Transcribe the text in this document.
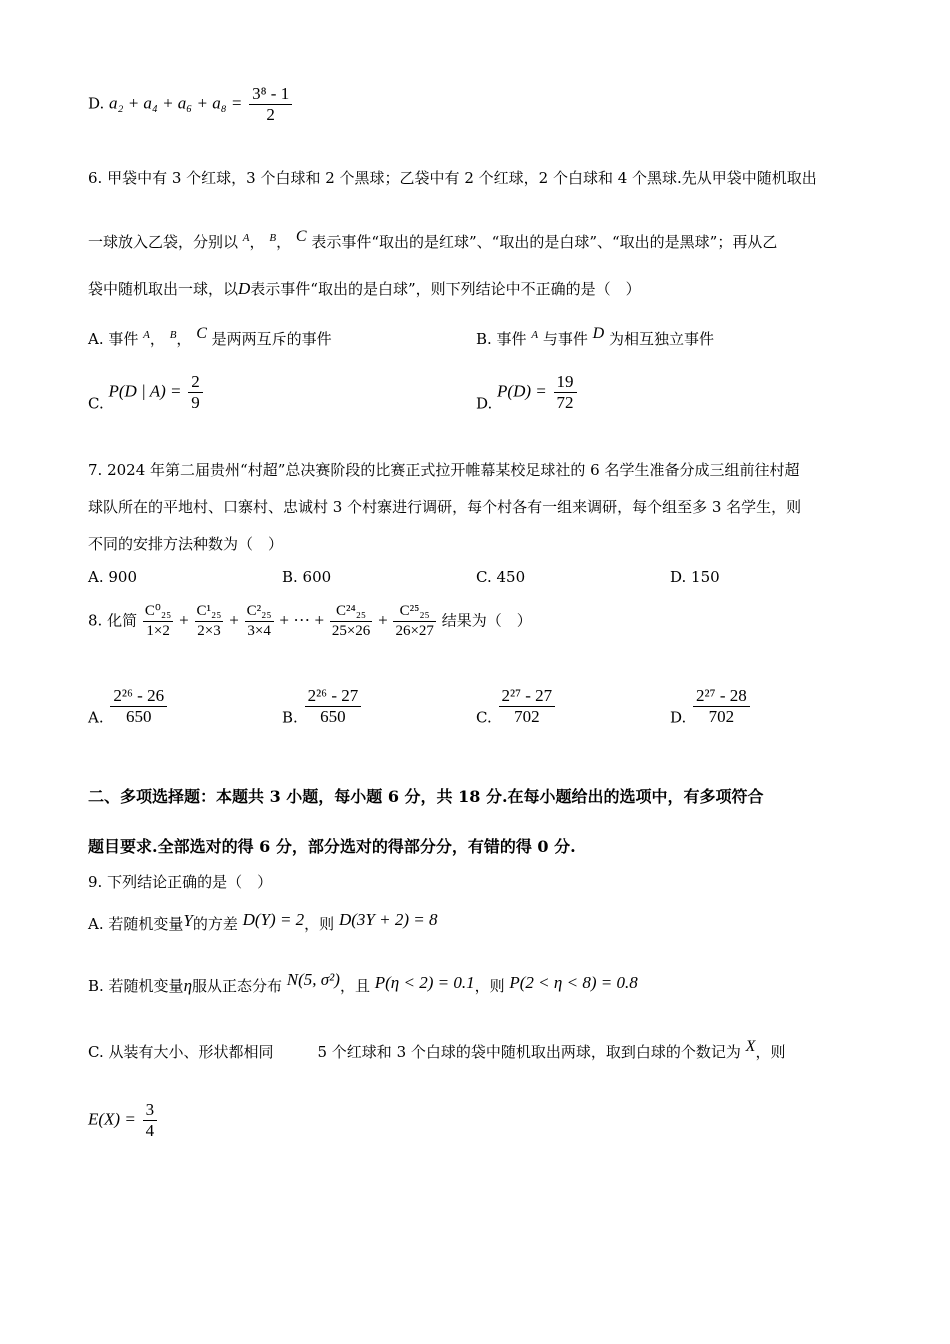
D. $a_2 + a_4 + a_6 + a_8 = \frac{\text{3⁸ - 1}}{2}$
6. 甲袋中有 3 个红球，3 个白球和 2 个黑球；乙袋中有 2 个红球，2 个白球和 4 个黑球.先从甲袋中随机取出
一球放入乙袋，分别以 $^A$， $^B$， C 表示事件“取出的是红球”、“取出的是白球”、“取出的是黑球”；再从乙
袋中随机取出一球，以D表示事件“取出的是白球”，则下列结论中不正确的是（　）
A. 事件 $^A$， $^B$， C 是两两互斥的事件	B. 事件 $^A$ 与事件 D 为相互独立事件
C. P(D | $A) = \frac{2}{9}$	D. $P(D) = \frac{19}{72}$
7. 2024 年第二届贵州“村超”总决赛阶段的比赛正式拉开帷幕某校足球社的 6 名学生准备分成三组前往村超
球队所在的平地村、口寨村、忠诚村 3 个村寨进行调研，每个村各有一组来调研，每个组至多 3 名学生，则
不同的安排方法种数为（　）
A. 900	B. 600	C. 450	D. 150
8. 化简 $\frac{\text{C⁰₂₅}}{1\times 2} + \frac{\text{C¹₂₅}}{2\times 3} + \frac{\text{C²₂₅}}{3\times 4}$ + ··· + $\frac{\text{C²⁴₂₅}}{25\times 26} + \frac{\text{C²⁵₂₅}}{26\times 27}$ 结果为（　）
A. $\frac{\text{2²⁶ - 26}}{650}$	B. $\frac{\text{2²⁶ - 27}}{650}$	C. $\frac{\text{2²⁷ - 27}}{702}$	D. $\frac{\text{2²⁷ - 28}}{702}$
二、多项选择题：本题共 3 小题，每小题 6 分，共 18 分.在每小题给出的选项中，有多项符合
题目要求.全部选对的得 6 分，部分选对的得部分分，有错的得 0 分.
9. 下列结论正确的是（　）
A. 若随机变量Y的方差 D(Y) = 2，则 D(3Y + 2) = 8
B. 若随机变量η服从正态分布 N(5, σ²)，且 P(η < 2) = 0.1，则 P(2 < η < 8) = 0.8
C. 从装有大小、形状都相同	5 个红球和 3 个白球的袋中随机取出两球，取到白球的个数记为 X，则
$E(X) = \frac{3}{4}$
